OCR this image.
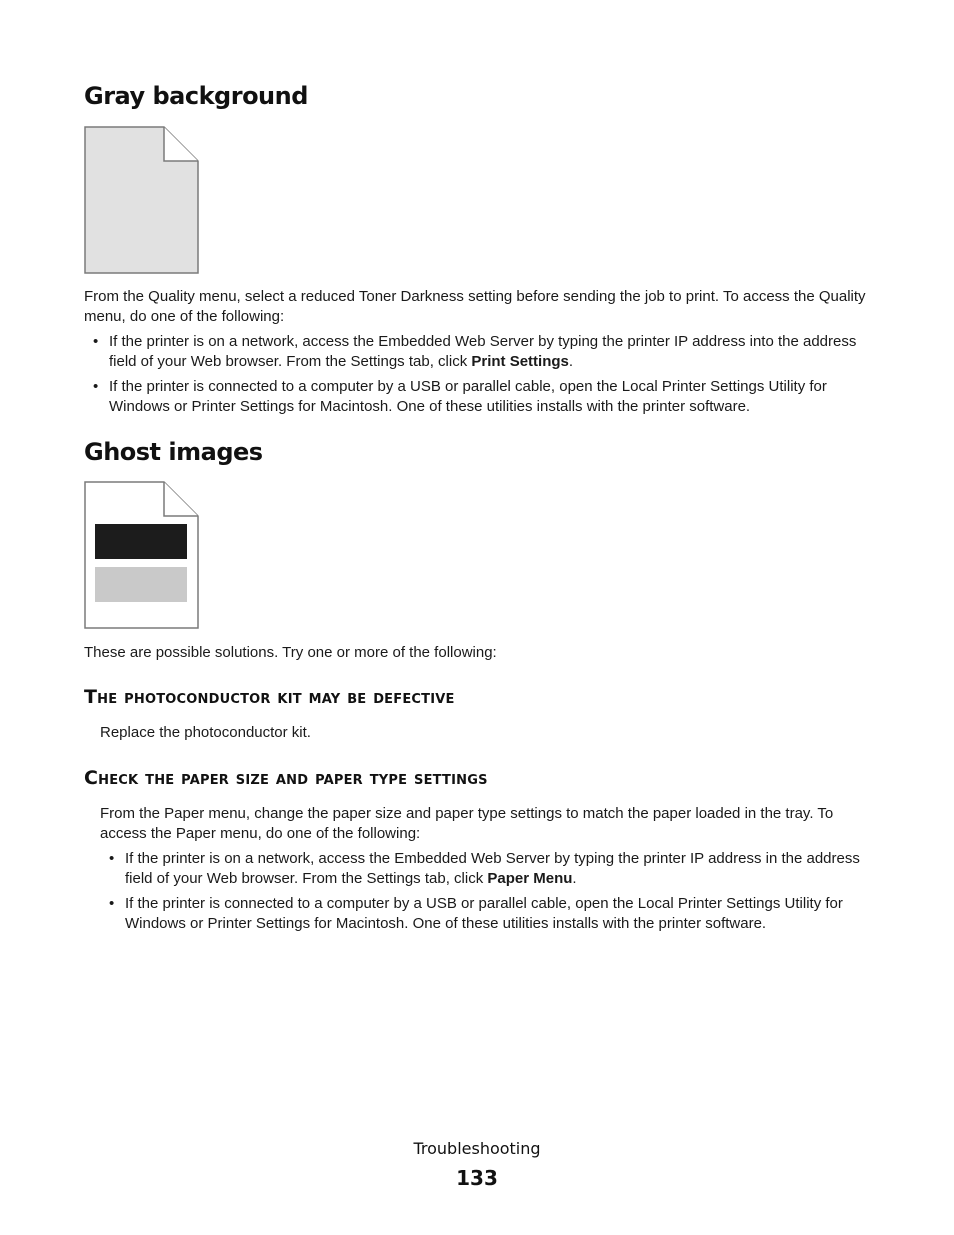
Gray background
From the Quality menu, select a reduced Toner Darkness setting before sending the job to print. To access the Quality menu, do one of the following:
• If the printer is on a network, access the Embedded Web Server by typing the printer IP address into the address field of your Web browser. From the Settings tab, click Print Settings.
• If the printer is connected to a computer by a USB or parallel cable, open the Local Printer Settings Utility for Windows or Printer Settings for Macintosh. One of these utilities installs with the printer software.
Ghost images
These are possible solutions. Try one or more of the following:
The photoconductor kit may be defective
Replace the photoconductor kit.
Check the paper size and paper type settings
From the Paper menu, change the paper size and paper type settings to match the paper loaded in the tray. To access the Paper menu, do one of the following:
• If the printer is on a network, access the Embedded Web Server by typing the printer IP address in the address field of your Web browser. From the Settings tab, click Paper Menu.
• If the printer is connected to a computer by a USB or parallel cable, open the Local Printer Settings Utility for Windows or Printer Settings for Macintosh. One of these utilities installs with the printer software.
Troubleshooting
133
